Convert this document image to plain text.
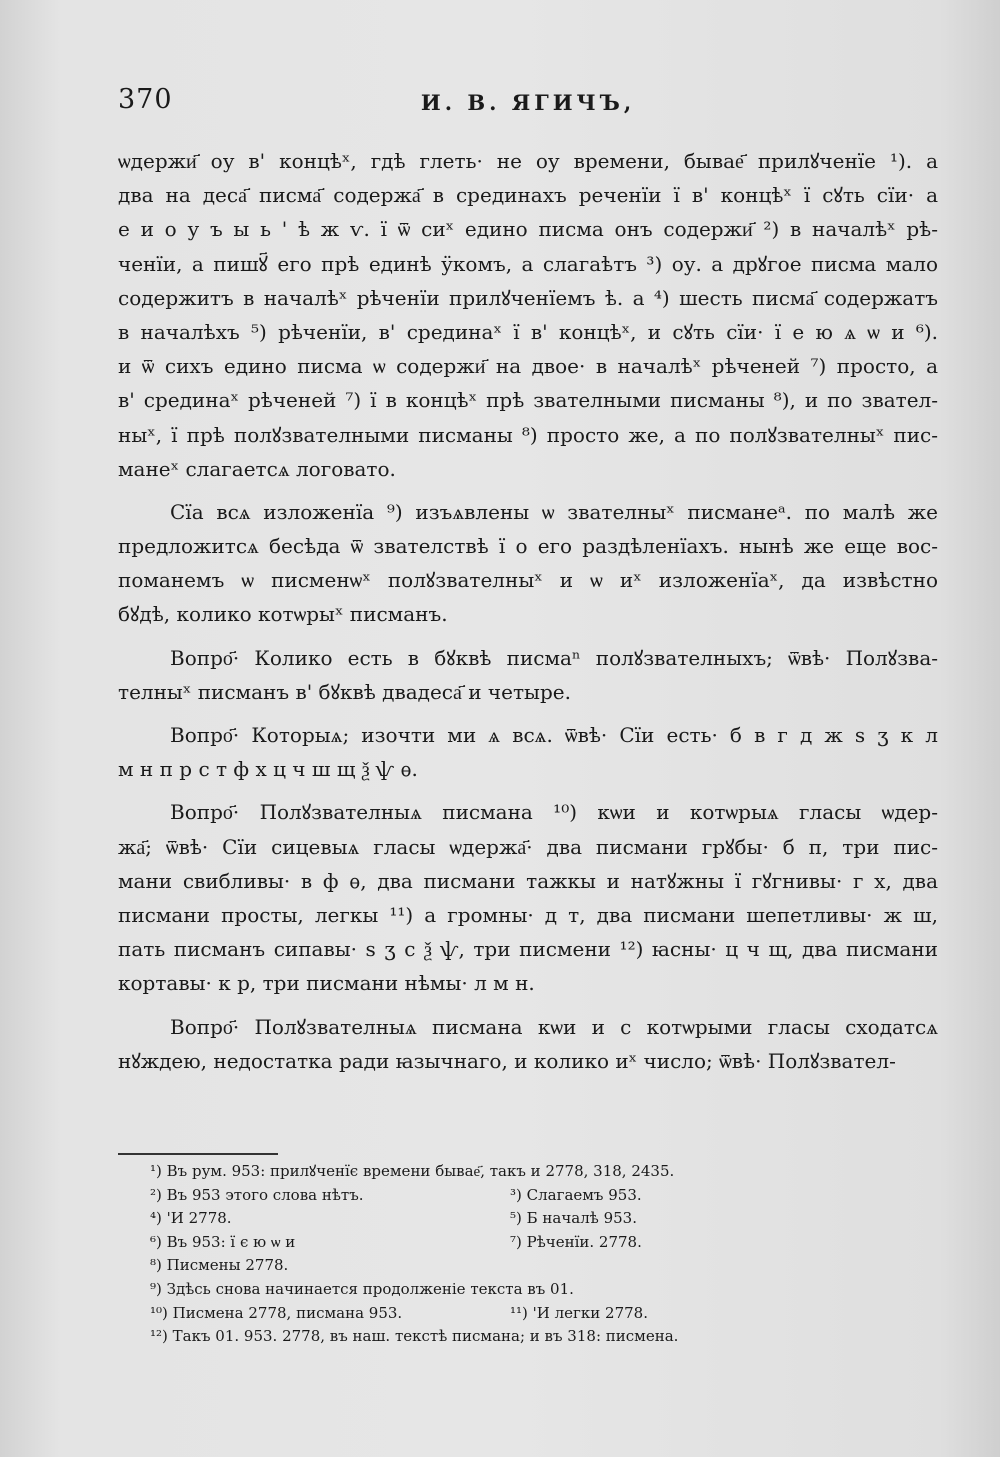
370	И. В. ЯГИЧЪ,
ѡдержи҃ оу в' концѣˣ, гдѣ глеть· не оу времени, бывае҃ прилꙋченїе ¹). а
два на деса҃ писма҃ содержа҃ в срединахъ реченїи ї в' концѣˣ ї сꙋть сїи· а
е и о у ъ ы ь ' ѣ ж ѵ. ї ѿ сиˣ едино писма онъ содержи҃ ²) в началѣˣ рѣ-
ченїи, а пишꙋ҃ его прѣ единѣ ӱкомъ, а слагаѣтъ ³) оу. а дрꙋгое писма мало
содержитъ в началѣˣ рѣченїи прилꙋченїемъ ѣ. а ⁴) шесть писма҃ содержатъ
в началѣхъ ⁵) рѣченїи, в' срединаˣ ї в' концѣˣ, и сꙋть сїи· ї е ю ѧ ѡ и ⁶).
и ѿ сихъ едино писма ѡ содержи҃ на двое· в началѣˣ рѣченей ⁷) просто, а
в' срединаˣ рѣченей ⁷) ї в концѣˣ прѣ звателными писманы ⁸), и по звател-
ныˣ, ї прѣ полꙋзвателными писманы ⁸) просто же, а по полꙋзвателныˣ пис-
манеˣ слагаетсѧ логовато.
Сїа всѧ изложенїа ⁹) изъѧвлены ѡ звателныˣ писманеᵃ. по малѣ же
предложитсѧ бесѣда ѿ звателствѣ ї о его раздѣленїахъ. нынѣ же еще вос-
поманемъ ѡ писменѡˣ полꙋзвателныˣ и ѡ иˣ изложенїаˣ, да извѣстно
бꙋдѣ, колико котѡрыˣ писманъ.
Вопро҃· Колико есть в бꙋквѣ писмаⁿ полꙋзвателныхъ; ѿвѣ· Полꙋзва-
телныˣ писманъ в' бꙋквѣ двадеса҃ и четыре.
Вопро҃· Которыѧ; изочти ми ѧ всѧ. ѿвѣ· Сїи есть· б в г д ж ѕ ӡ к л
м н п р с т ф х ц ч ш щ ѯ ѱ ѳ.
Вопро҃· Полꙋзвателныѧ писмана ¹⁰) кѡи и котѡрыѧ гласы ѡдер-
жа҃; ѿвѣ· Сїи сицевыѧ гласы ѡдержа҃· два писмани грꙋбы· б п, три пис-
мани свибливы· в ф ѳ, два писмани тажкы и натꙋжны ї гꙋгнивы· г х, два
писмани просты, легкы ¹¹) а громны· д т, два писмани шепетливы· ж ш,
пать писманъ сипавы· ѕ ӡ с ѯ ѱ, три писмени ¹²) ꙗсны· ц ч щ, два писмани
кортавы· к р, три писмани нѣмы· л м н.
Вопро҃· Полꙋзвателныѧ писмана кѡи и с котѡрыми гласы сходатсѧ
нꙋждею, недостатка ради ꙗзычнаго, и колико иˣ число; ѿвѣ· Полꙋзвател-
¹) Въ рум. 953: прилꙋченїє времени бывае҃, такъ и 2778, 318, 2435.
²) Въ 953 этого слова нѣтъ.	³) Слагаемъ 953.
⁴) 'И 2778.	⁵) Б началѣ 953.
⁶) Въ 953: ї є ю ѡ и	⁷) Рѣченїи. 2778.
⁸) Писмены 2778.
⁹) Здѣсь снова начинается продолженіе текста въ 01.
¹⁰) Писмена 2778, писмана 953.	¹¹) 'И легки 2778.
¹²) Такъ 01. 953. 2778, въ наш. текстѣ писмана; и въ 318: писмена.
